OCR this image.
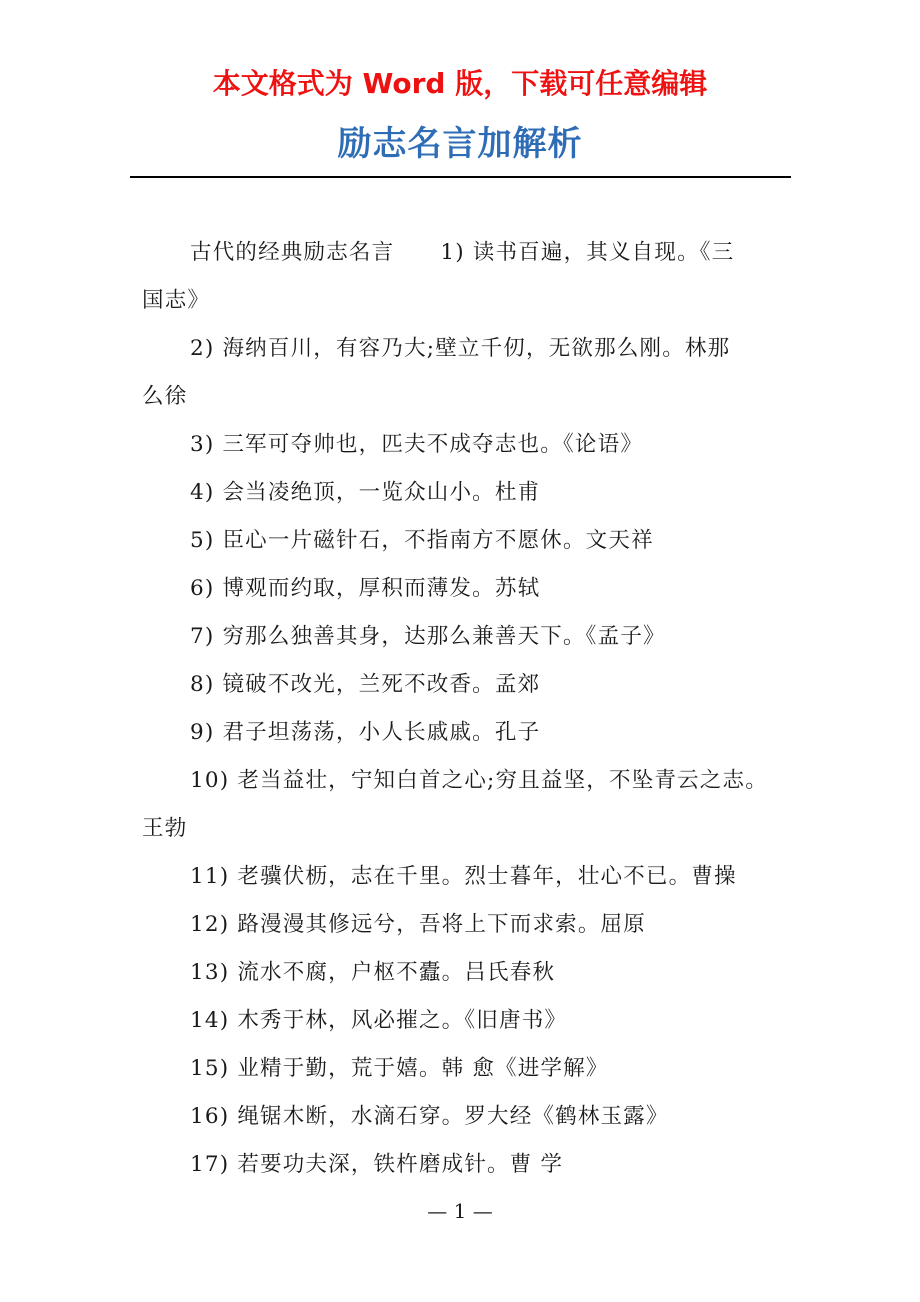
本文格式为 Word 版，下载可任意编辑
励志名言加解析

古代的经典励志名言 1) 读书百遍，其义自现。《三

国志》

2) 海纳百川，有容乃大;壁立千仞，无欲那么刚。林那

么徐

3) 三军可夺帅也，匹夫不成夺志也。《论语》

4) 会当凌绝顶，一览众山小。杜甫

5) 臣心一片磁针石，不指南方不愿休。文天祥

6) 博观而约取，厚积而薄发。苏轼

7) 穷那么独善其身，达那么兼善天下。《孟子》

8) 镜破不改光，兰死不改香。孟郊

9) 君子坦荡荡，小人长戚戚。孔子

10) 老当益壮，宁知白首之心;穷且益坚，不坠青云之志。

王勃

11) 老骥伏枥，志在千里。烈士暮年，壮心不已。曹操

12) 路漫漫其修远兮，吾将上下而求索。屈原

13) 流水不腐，户枢不蠹。吕氏春秋

14) 木秀于林，风必摧之。《旧唐书》

15) 业精于勤，荒于嬉。韩 愈《进学解》

16) 绳锯木断，水滴石穿。罗大经《鹤林玉露》

17) 若要功夫深，铁杵磨成针。曹 学

— 1 —
